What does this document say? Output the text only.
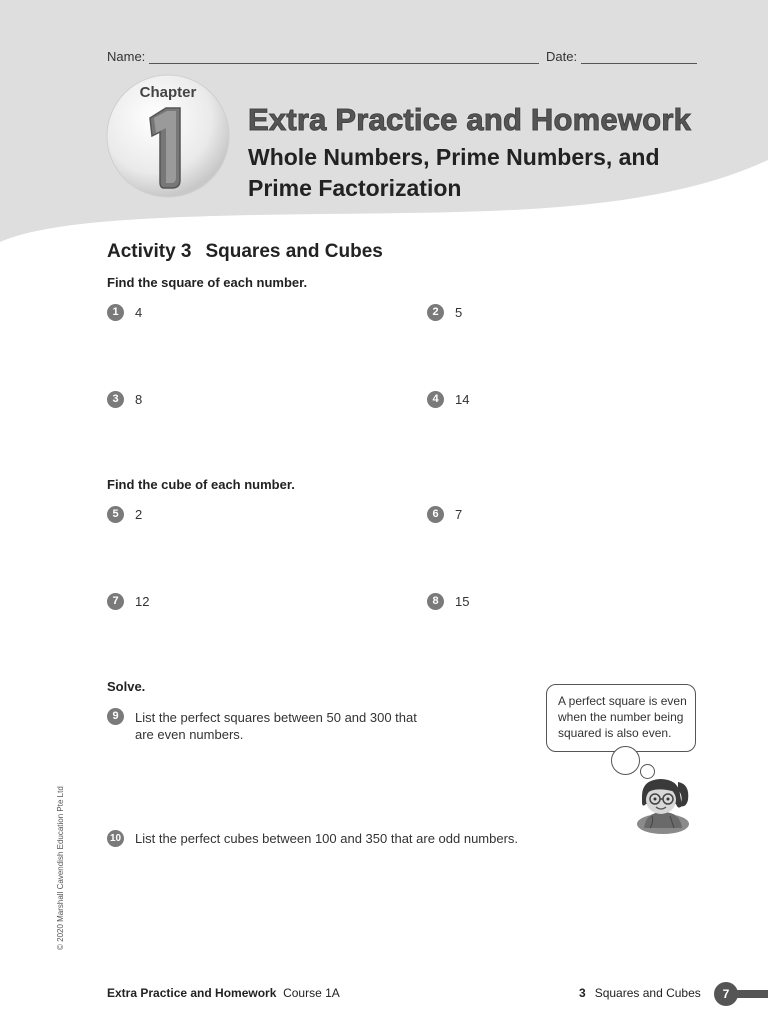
Name:	Date:
Chapter
Extra Practice and Homework
Whole Numbers, Prime Numbers, and
Prime Factorization
Activity 3 Squares and Cubes
Find the square of each number.
1	4	2	5
3	8	4	14
Find the cube of each number.
5	2	6	7
7	12	8	15
Solve.
9	List the perfect squares between 50 and 300 that are even numbers.
10 List the perfect cubes between 100 and 350 that are odd numbers.
A perfect square is even when the number being squared is also even.
© 2020 Marshall Cavendish Education Pte Ltd
Extra Practice and Homework Course 1A	3 Squares and Cubes	7
